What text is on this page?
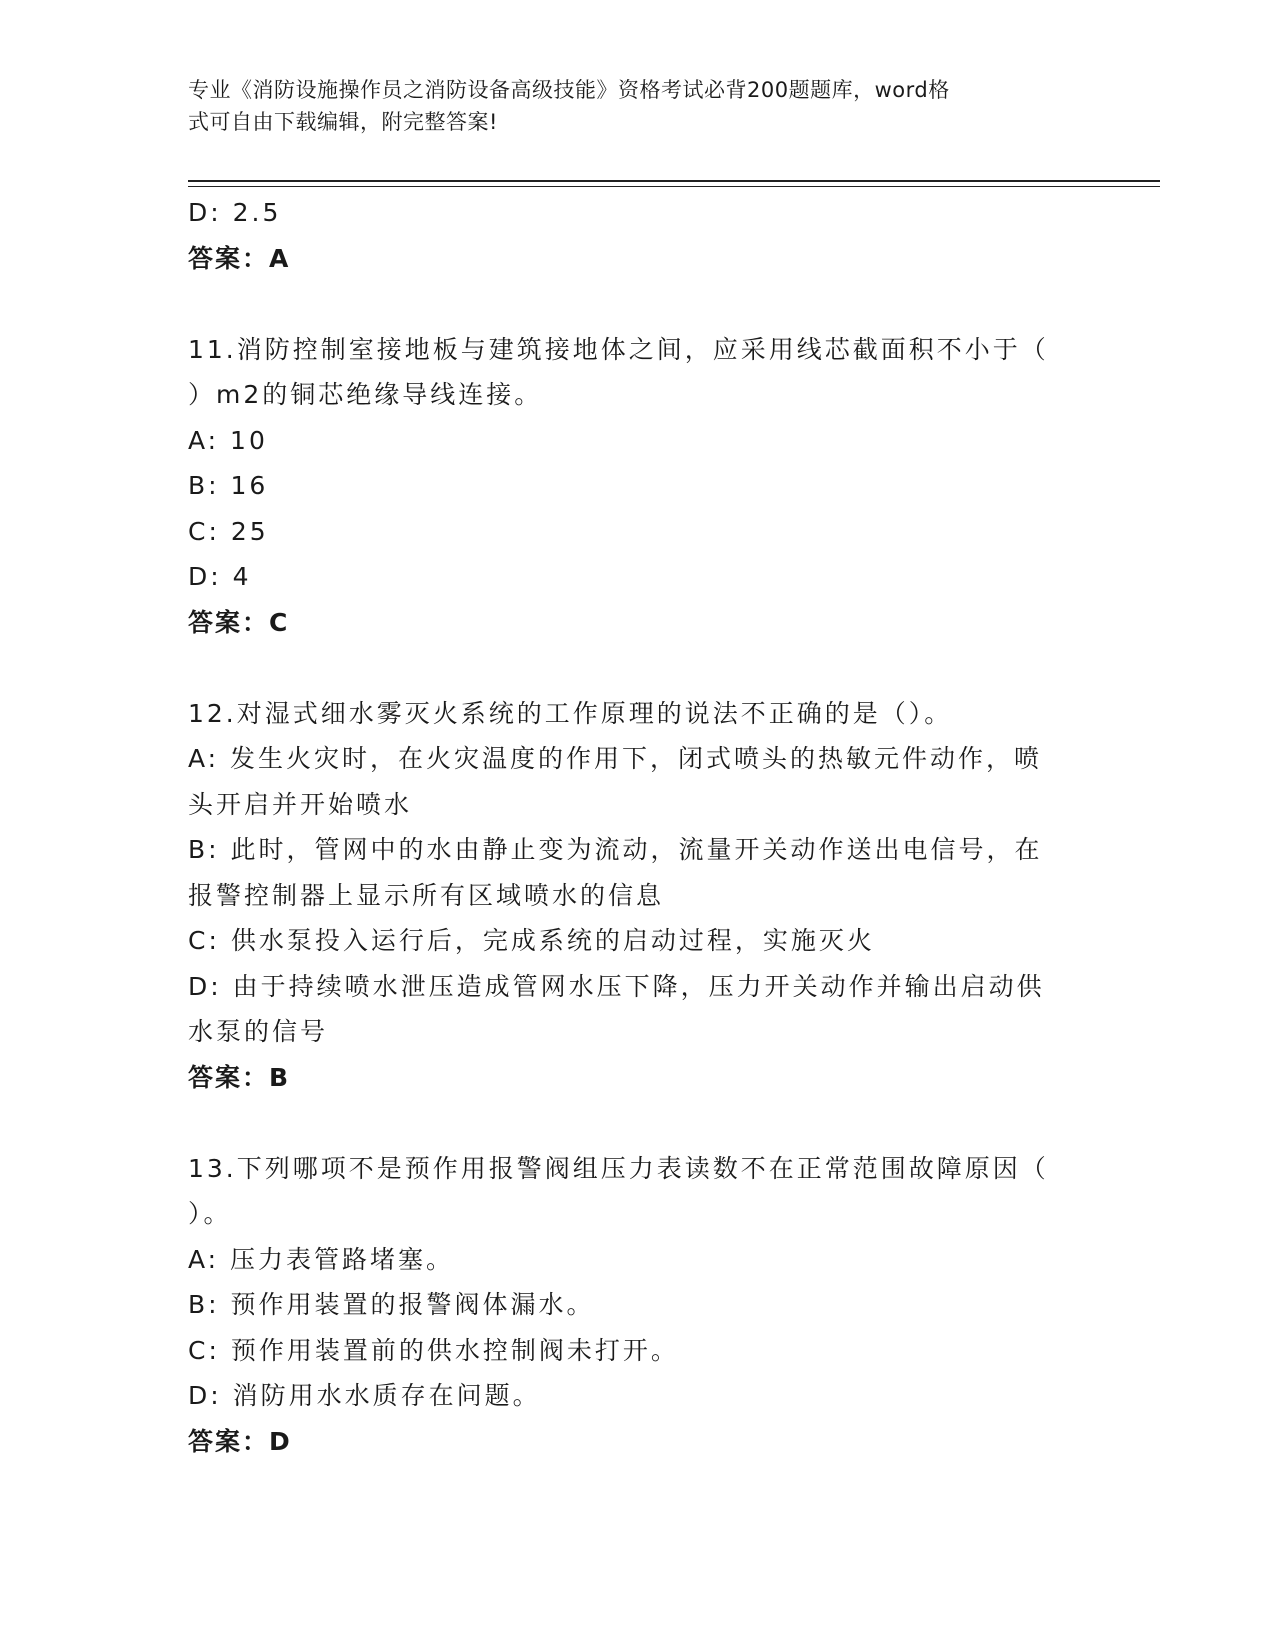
专业《消防设施操作员之消防设备高级技能》资格考试必背200题题库，word格
式可自由下载编辑，附完整答案!

D: 2.5

答案：A

11.消防控制室接地板与建筑接地体之间，应采用线芯截面积不小于（

）m2的铜芯绝缘导线连接。

A: 10

B: 16

C: 25

D: 4

答案：C

12.对湿式细水雾灭火系统的工作原理的说法不正确的是（）。

A: 发生火灾时，在火灾温度的作用下，闭式喷头的热敏元件动作，喷

头开启并开始喷水

B: 此时，管网中的水由静止变为流动，流量开关动作送出电信号，在

报警控制器上显示所有区域喷水的信息

C: 供水泵投入运行后，完成系统的启动过程，实施灭火

D: 由于持续喷水泄压造成管网水压下降，压力开关动作并输出启动供

水泵的信号

答案：B

13.下列哪项不是预作用报警阀组压力表读数不在正常范围故障原因（

）。

A: 压力表管路堵塞。

B: 预作用装置的报警阀体漏水。

C: 预作用装置前的供水控制阀未打开。

D: 消防用水水质存在问题。

答案：D
